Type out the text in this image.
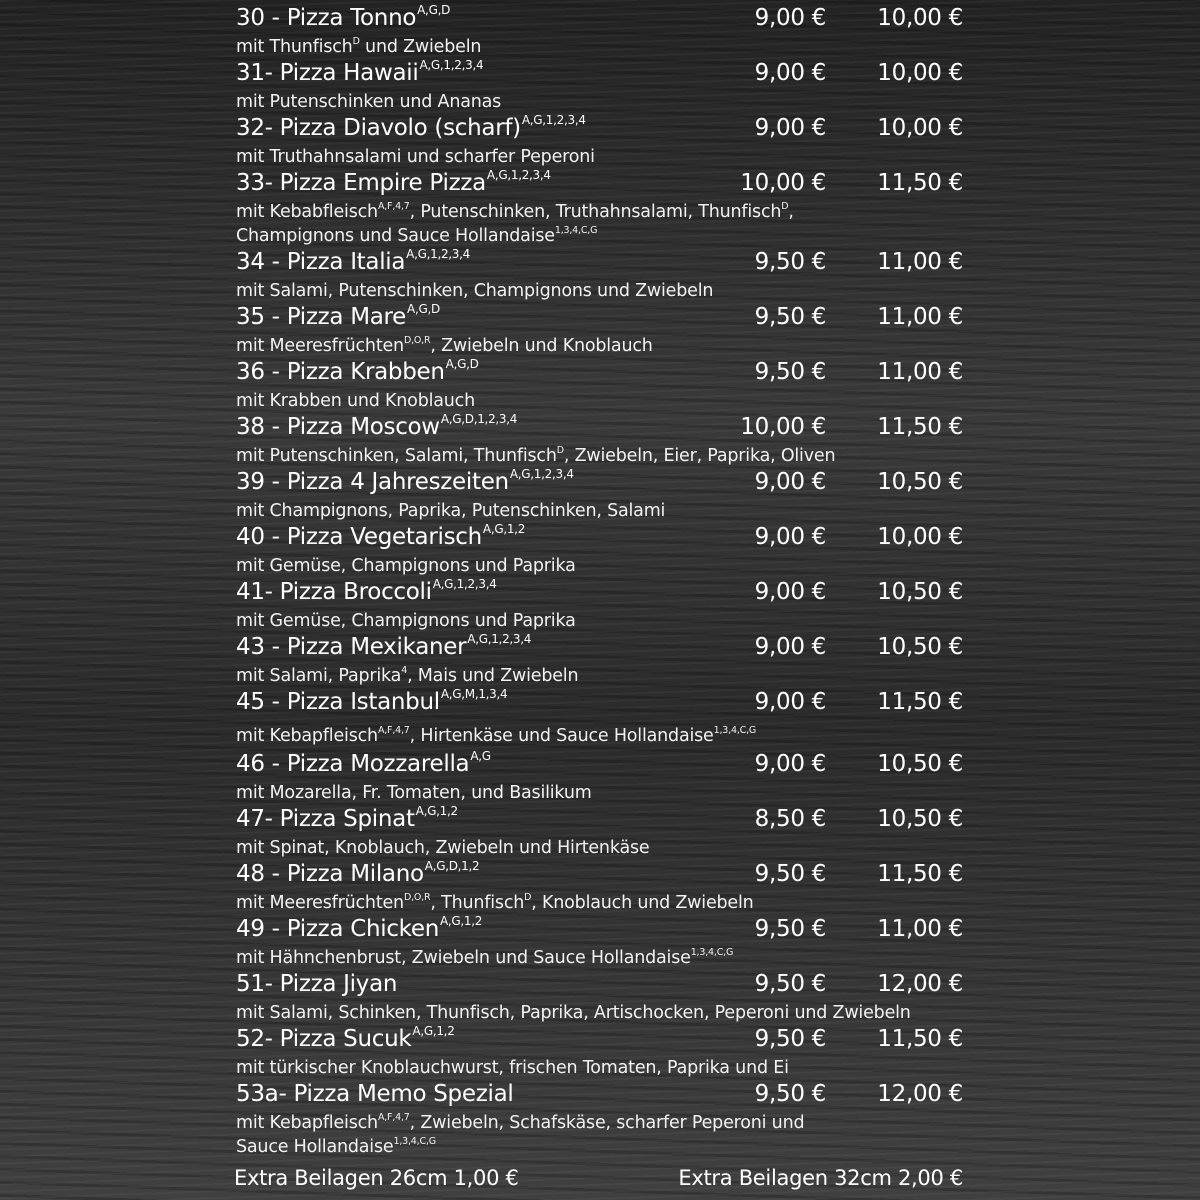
Extra Beilagen 26cm 1,00 €	Extra Beilagen 32cm 2,00 €
30 - Pizza Tonno$^{A,G,D}$	9,00 € 10,00 €
mit Thunfisch$^D$ und Zwiebeln
31- Pizza Hawaii$^{A,G,1,2,3,4}$	9,00 € 10,00 €
mit Putenschinken und Ananas
32- Pizza Diavolo (scharf)$^{A,G,1,2,3,4}$	9,00 € 10,00 €
mit Truthahnsalami und scharfer Peperoni
33- Pizza Empire Pizza$^{A,G,1,2,3,4}$	10,00 € 11,50 €
mit Kebabfleisch$^{A,F,4,7}$, Putenschinken, Truthahnsalami, Thunfisch$^D$,
Champignons und Sauce Hollandaise$^{1,3,4,C,G}$
34 - Pizza Italia$^{A,G,1,2,3,4}$	9,50 € 11,00 €
mit Salami, Putenschinken, Champignons und Zwiebeln
35 - Pizza Mare$^{A,G,D}$	9,50 € 11,00 €
mit Meeresfrüchten$^{D,O,R}$, Zwiebeln und Knoblauch
36 - Pizza Krabben$^{A,G,D}$	9,50 € 11,00 €
mit Krabben und Knoblauch
38 - Pizza Moscow$^{A,G,D,1,2,3,4}$	10,00 € 11,50 €
mit Putenschinken, Salami, Thunfisch$^D$, Zwiebeln, Eier, Paprika, Oliven
39 - Pizza 4 Jahreszeiten$^{A,G,1,2,3,4}$	9,00 € 10,50 €
mit Champignons, Paprika, Putenschinken, Salami
40 - Pizza Vegetarisch$^{A,G,1,2}$	9,00 € 10,00 €
mit Gemüse, Champignons und Paprika
41- Pizza Broccoli$^{A,G,1,2,3,4}$	9,00 € 10,50 €
mit Gemüse, Champignons und Paprika
43 - Pizza Mexikaner$^{A,G,1,2,3,4}$	9,00 € 10,50 €
mit Salami, Paprika$^4$, Mais und Zwiebeln
45 - Pizza Istanbul$^{A,G,M,1,3,4}$	9,00 € 11,50 €
mit Kebapfleisch$^{A,F,4,7}$, Hirtenkäse und Sauce Hollandaise$^{1,3,4,C,G}$
46 - Pizza Mozzarella$^{A,G}$	9,00 € 10,50 €
mit Mozarella, Fr. Tomaten, und Basilikum
47- Pizza Spinat$^{A,G,1,2}$	8,50 € 10,50 €
mit Spinat, Knoblauch, Zwiebeln und Hirtenkäse
48 - Pizza Milano$^{A,G,D,1,2}$	9,50 € 11,50 €
mit Meeresfrüchten$^{D,O,R}$, Thunfisch$^D$, Knoblauch und Zwiebeln
49 - Pizza Chicken$^{A,G,1,2}$	9,50 € 11,00 €
mit Hähnchenbrust, Zwiebeln und Sauce Hollandaise$^{1,3,4,C,G}$
51- Pizza Jiyan	9,50 € 12,00 €
mit Salami, Schinken, Thunfisch, Paprika, Artischocken, Peperoni und Zwiebeln
52- Pizza Sucuk$^{A,G,1,2}$	9,50 € 11,50 €
mit türkischer Knoblauchwurst, frischen Tomaten, Paprika und Ei
53a- Pizza Memo Spezial	9,50 € 12,00 €
mit Kebapfleisch$^{A,F,4,7}$, Zwiebeln, Schafskäse, scharfer Peperoni und
Sauce Hollandaise$^{1,3,4,C,G}$
